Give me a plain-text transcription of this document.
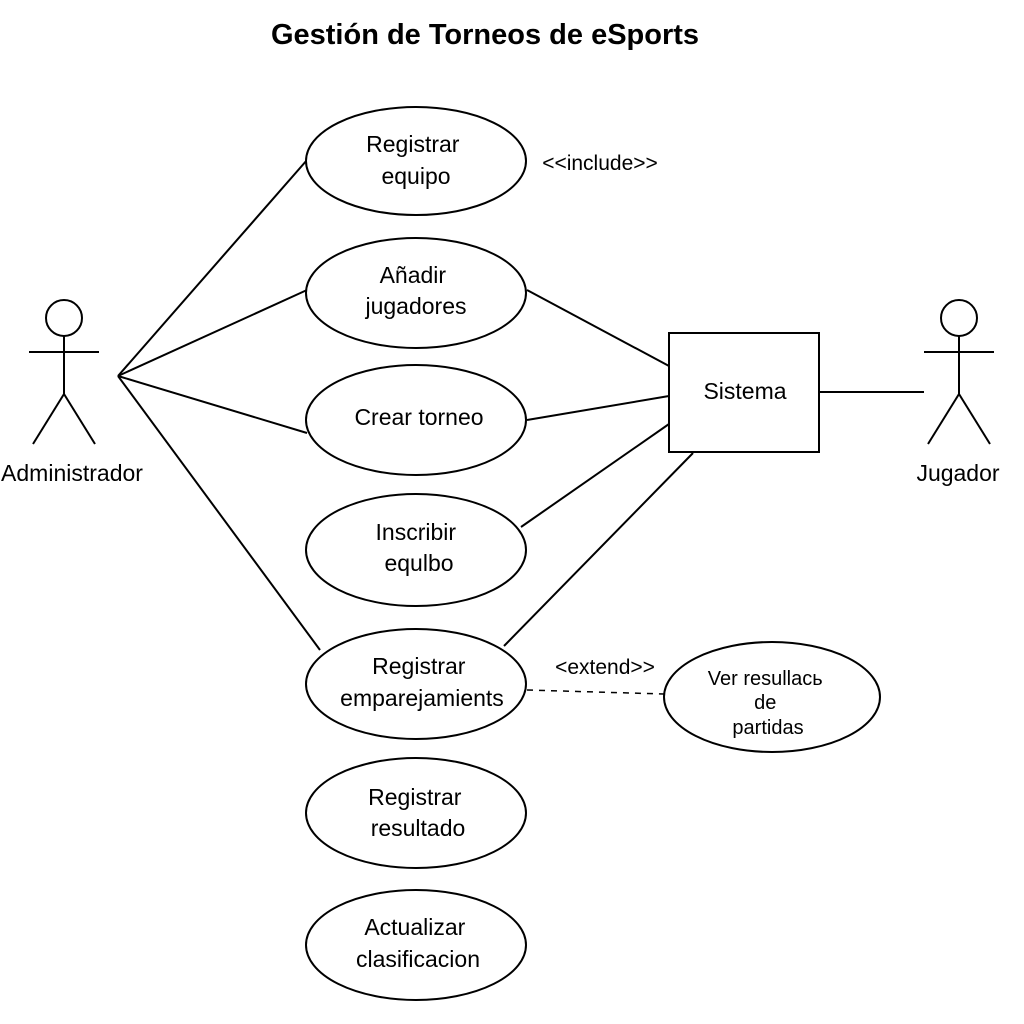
Gestión de Torneos de eSports
Administrador	Jugador
Sistema
Registrar equipo	<<include>>
Añadir jugadores
Crear torneo
Inscribir equlbo
Registrar emparejamients
<extend>>	Ver resullacь de partidas
Registrar resultado
Actualizar clasificacion
